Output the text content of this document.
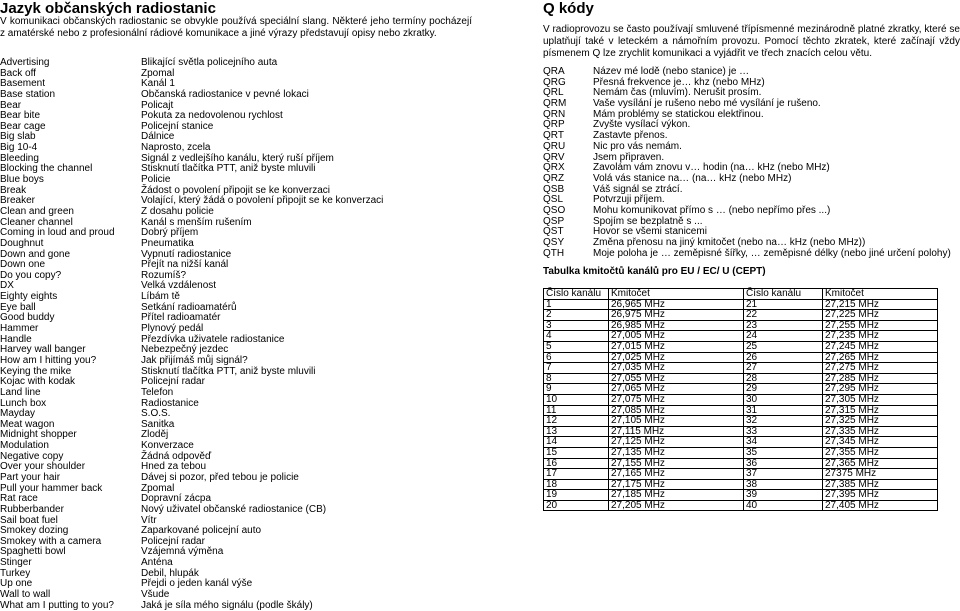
Jazyk občanských radiostanic
V komunikaci občanských radiostanic se obvykle používá speciální slang. Některé jeho termíny pocházejí z amatérské nebo z profesionální rádiové komunikace a jiné výrazy představují opisy nebo zkratky.
Advertising	Blikající světla policejního auta
Back off	Zpomal
Basement	Kanál 1
Base station	Občanská radiostanice v pevné lokaci
Bear	Policajt
Bear bite	Pokuta za nedovolenou rychlost
Bear cage	Policejní stanice
Big slab	Dálnice
Big 10-4	Naprosto, zcela
Bleeding	Signál z vedlejšího kanálu, který ruší příjem
Blocking the channel	Stisknutí tlačítka PTT, aniž byste mluvili
Blue boys	Policie
Break	Žádost o povolení připojit se ke konverzaci
Breaker	Volající, který žádá o povolení připojit se ke konverzaci
Clean and green	Z dosahu policie
Cleaner channel	Kanál s menším rušením
Coming in loud and proud	Dobrý příjem
Doughnut	Pneumatika
Down and gone	Vypnutí radiostanice
Down one	Přejít na nižší kanál
Do you copy?	Rozumíš?
DX	Velká vzdálenost
Eighty eights	Líbám tě
Eye ball	Setkání radioamatérů
Good buddy	Přítel radioamatér
Hammer	Plynový pedál
Handle	Přezdívka uživatele radiostanice
Harvey wall banger	Nebezpečný jezdec
How am I hitting you?	Jak přijímáš můj signál?
Keying the mike	Stisknutí tlačítka PTT, aniž byste mluvili
Kojac with kodak	Policejní radar
Land line	Telefon
Lunch box	Radiostanice
Mayday	S.O.S.
Meat wagon	Sanitka
Midnight shopper	Zloděj
Modulation	Konverzace
Negative copy	Žádná odpověď
Over your shoulder	Hned za tebou
Part your hair	Dávej si pozor, před tebou je policie
Pull your hammer back	Zpomal
Rat race	Dopravní zácpa
Rubberbander	Nový uživatel občanské radiostanice (CB)
Sail boat fuel	Vítr
Smokey dozing	Zaparkované policejní auto
Smokey with a camera	Policejní radar
Spaghetti bowl	Vzájemná výměna
Stinger	Anténa
Turkey	Debil, hlupák
Up one	Přejdi o jeden kanál výše
Wall to wall	Všude
What am I putting to you?	Jaká je síla mého signálu (podle škály)
Q kódy
V radioprovozu se často používají smluvené třípísmenné mezinárodně platné zkratky, které se uplatňují také v leteckém a námořním provozu. Pomocí těchto zkratek, které začínají vždy písmenem Q lze zrychlit komunikaci a vyjádřit ve třech znacích celou větu.
QRA	Název mé lodě (nebo stanice) je …
QRG	Přesná frekvence je… khz (nebo MHz)
QRL	Nemám čas (mluvím). Nerušit prosím.
QRM	Vaše vysílání je rušeno nebo mé vysílání je rušeno.
QRN	Mám problémy se statickou elektřinou.
QRP	Zvyšte vysílací výkon.
QRT	Zastavte přenos.
QRU	Nic pro vás nemám.
QRV	Jsem připraven.
QRX	Zavolám vám znovu v… hodin (na… kHz (nebo MHz)
QRZ	Volá vás stanice na… (na… kHz (nebo MHz)
QSB	Váš signál se ztrácí.
QSL	Potvrzuji příjem.
QSO	Mohu komunikovat přímo s … (nebo nepřímo přes ...)
QSP	Spojím se bezplatně s ...
QST	Hovor se všemi stanicemi
QSY	Změna přenosu na jiný kmitočet (nebo na… kHz (nebo MHz))
QTH	Moje poloha je … zeměpisné šířky, … zeměpisné délky (nebo jiné určení polohy)
Tabulka kmitočtů kanálů pro EU / EC/ U (CEPT)
Číslo kanálu	Kmitočet	Číslo kanálu	Kmitočet
1	26,965 MHz	21	27,215 MHz
2	26,975 MHz	22	27,225 MHz
3	26,985 MHz	23	27,255 MHz
4	27,005 MHz	24	27,235 MHz
5	27,015 MHz	25	27,245 MHz
6	27,025 MHz	26	27,265 MHz
7	27,035 MHz	27	27,275 MHz
8	27,055 MHz	28	27,285 MHz
9	27,065 MHz	29	27,295 MHz
10	27,075 MHz	30	27,305 MHz
11	27,085 MHz	31	27,315 MHz
12	27,105 MHz	32	27,325 MHz
13	27,115 MHz	33	27,335 MHz
14	27,125 MHz	34	27,345 MHz
15	27,135 MHz	35	27,355 MHz
16	27,155 MHz	36	27,365 MHz
17	27,165 MHz	37	27375 MHz
18	27,175 MHz	38	27,385 MHz
19	27,185 MHz	39	27,395 MHz
20	27,205 MHz	40	27,405 MHz
